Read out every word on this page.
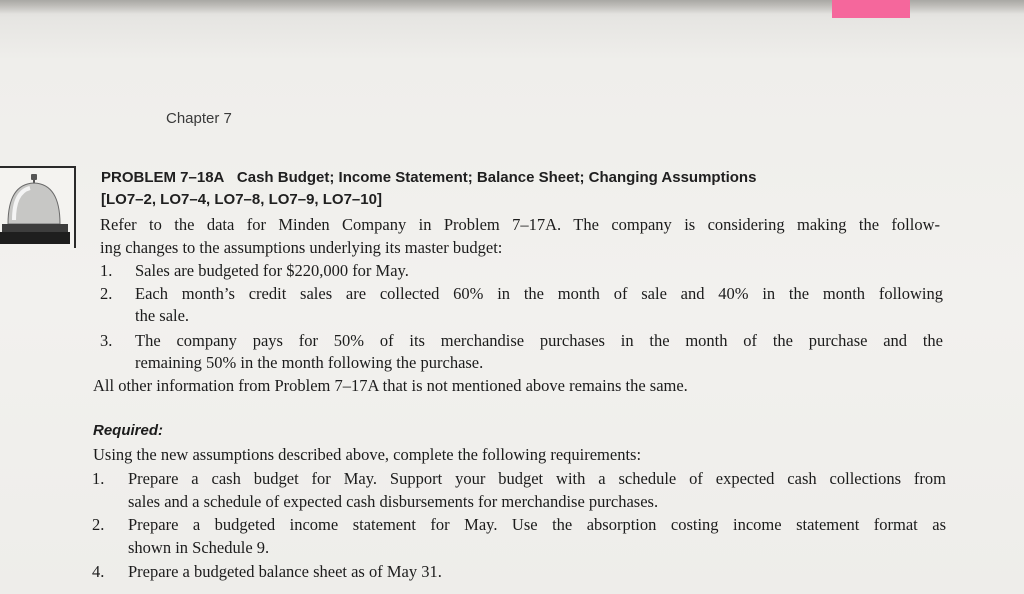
Chapter 7
PROBLEM 7–18A Cash Budget; Income Statement; Balance Sheet; Changing Assumptions
[LO7–2, LO7–4, LO7–8, LO7–9, LO7–10]
Refer to the data for Minden Company in Problem 7–17A. The company is considering making the follow-
ing changes to the assumptions underlying its master budget:
1. Sales are budgeted for $220,000 for May.
2. Each month’s credit sales are collected 60% in the month of sale and 40% in the month following
the sale.
3. The company pays for 50% of its merchandise purchases in the month of the purchase and the
remaining 50% in the month following the purchase.
All other information from Problem 7–17A that is not mentioned above remains the same.
Required:
Using the new assumptions described above, complete the following requirements:
1. Prepare a cash budget for May. Support your budget with a schedule of expected cash collections from
sales and a schedule of expected cash disbursements for merchandise purchases.
2. Prepare a budgeted income statement for May. Use the absorption costing income statement format as
shown in Schedule 9.
4. Prepare a budgeted balance sheet as of May 31.
